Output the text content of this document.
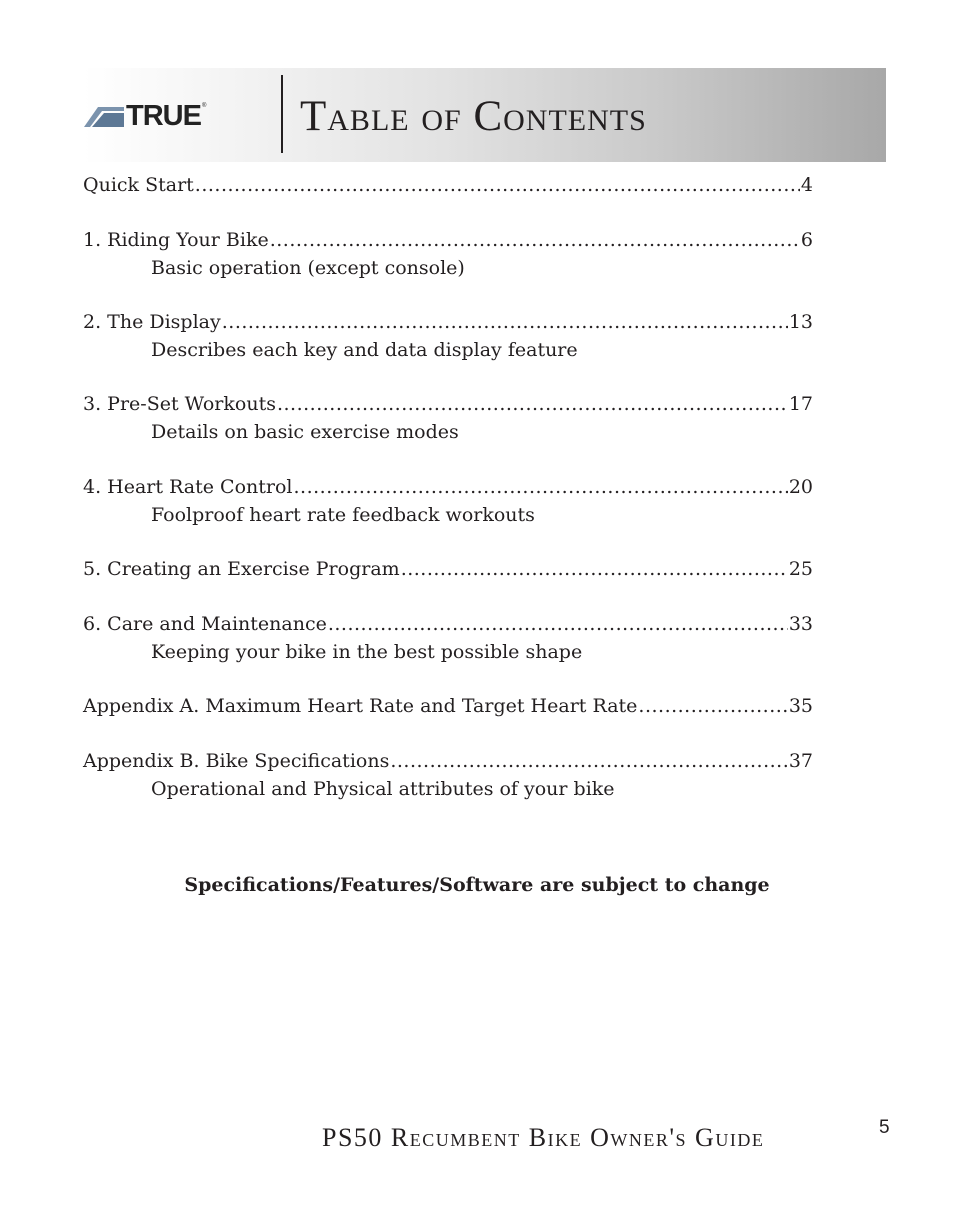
TRUE ® Table of Contents
Quick Start .....	4
1. Riding Your Bike .....	6
Basic operation (except console)
2. The Display .....	13
Describes each key and data display feature
3. Pre-Set Workouts .....	17
Details on basic exercise modes
4. Heart Rate Control .....	20
Foolproof heart rate feedback workouts
5. Creating an Exercise Program .....	25
6. Care and Maintenance .....	33
Keeping your bike in the best possible shape
Appendix A. Maximum Heart Rate and Target Heart Rate .....	35
Appendix B. Bike Specifications .....	37
Operational and Physical attributes of your bike
Specifications/Features/Software are subject to change
PS50 Recumbent Bike Owner's Guide	5
